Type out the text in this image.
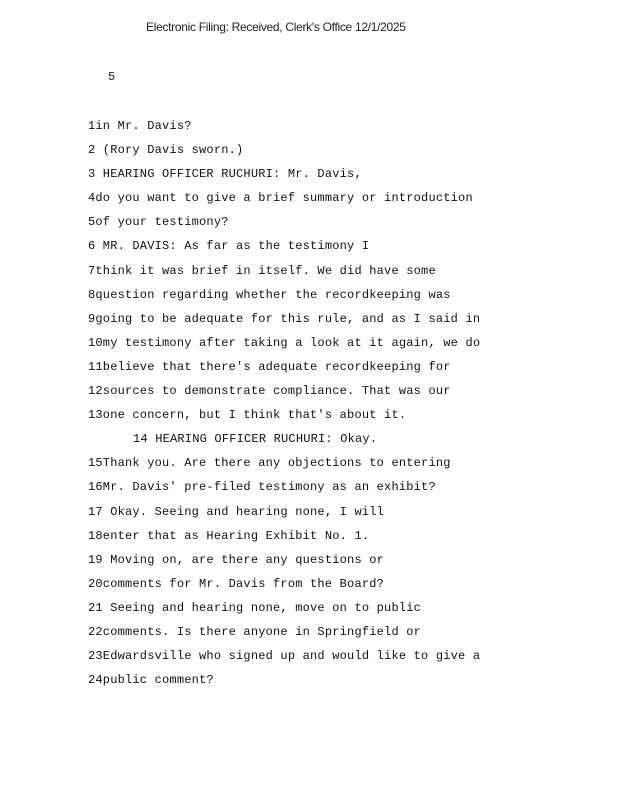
Electronic Filing: Received, Clerk's Office 12/1/2025
5
1in Mr. Davis?
2 (Rory Davis sworn.)
3 HEARING OFFICER RUCHURI: Mr. Davis,
4do you want to give a brief summary or introduction
5of your testimony?
6 MR. DAVIS: As far as the testimony I
7think it was brief in itself. We did have some
8question regarding whether the recordkeeping was
9going to be adequate for this rule, and as I said in
10my testimony after taking a look at it again, we do
11believe that there's adequate recordkeeping for
12sources to demonstrate compliance. That was our
13one concern, but I think that's about it.
14 HEARING OFFICER RUCHURI: Okay.
15Thank you. Are there any objections to entering
16Mr. Davis' pre-filed testimony as an exhibit?
17 Okay. Seeing and hearing none, I will
18enter that as Hearing Exhibit No. 1.
19 Moving on, are there any questions or
20comments for Mr. Davis from the Board?
21 Seeing and hearing none, move on to public
22comments. Is there anyone in Springfield or
23Edwardsville who signed up and would like to give a
24public comment?
